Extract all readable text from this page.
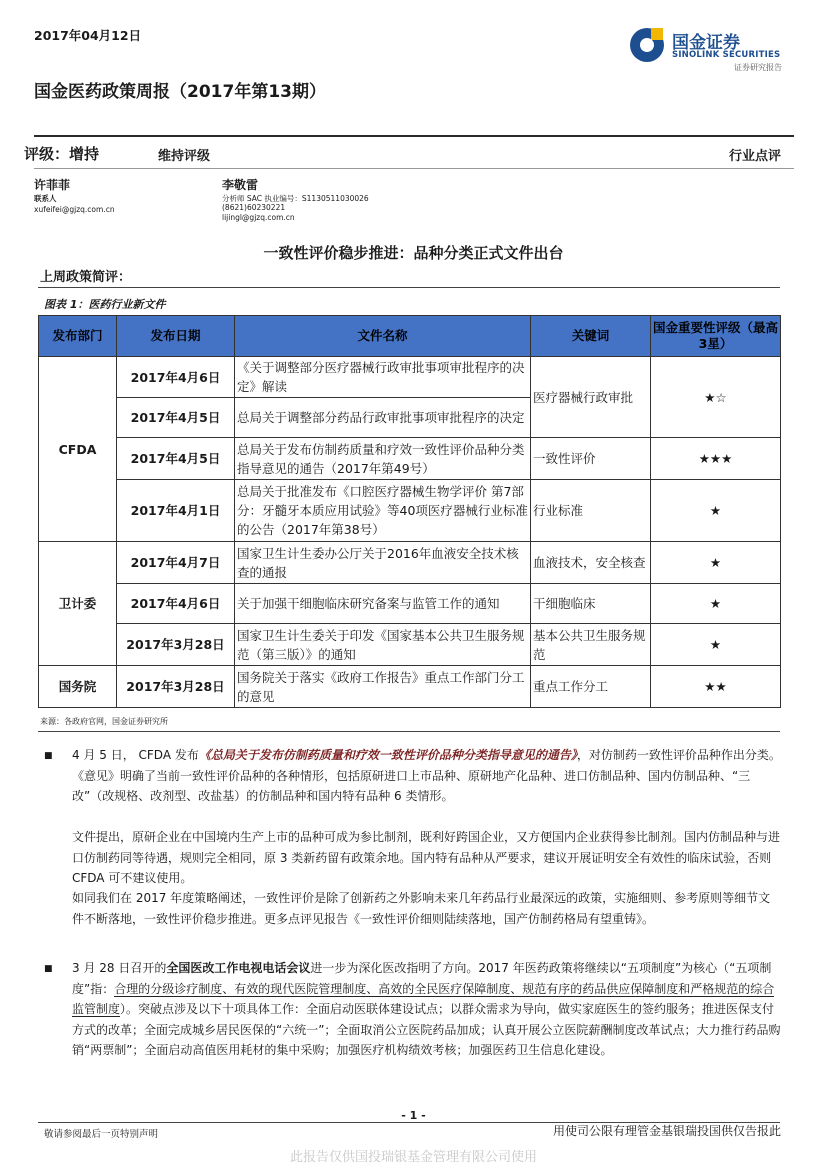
2017年04月12日	国金证券
SINOLINK SECURITIES
证券研究报告
国金医药政策周报（2017年第13期）
评级：增持	维持评级	行业点评
许菲菲
联系人
xufeifei@gjzq.com.cn
李敬雷
分析师 SAC 执业编号：S1130511030026
(8621)60230221
lijingl@gjzq.com.cn
一致性评价稳步推进：品种分类正式文件出台
上周政策简评：
图表 1：医药行业新文件
发布部门	发布日期	文件名称	关键词	国金重要性评级（最高3星）
CFDA	2017年4月6日	《关于调整部分医疗器械行政审批事项审批程序的决定》解读	医疗器械行政审批	★☆
	2017年4月5日	总局关于调整部分药品行政审批事项审批程序的决定		
	2017年4月5日	总局关于发布仿制药质量和疗效一致性评价品种分类指导意见的通告（2017年第49号）	一致性评价	★★★
	2017年4月1日	总局关于批准发布《口腔医疗器械生物学评价 第7部分：牙髓牙本质应用试验》等40项医疗器械行业标准的公告（2017年第38号）	行业标准	★
卫计委	2017年4月7日	国家卫生计生委办公厅关于2016年血液安全技术核查的通报	血液技术，安全核查	★
	2017年4月6日	关于加强干细胞临床研究备案与监管工作的通知	干细胞临床	★
	2017年3月28日	国家卫生计生委关于印发《国家基本公共卫生服务规范（第三版）》的通知	基本公共卫生服务规范	★
国务院	2017年3月28日	国务院关于落实《政府工作报告》重点工作部门分工的意见	重点工作分工	★★
来源：各政府官网，国金证券研究所
■ 4 月 5 日， CFDA 发布《总局关于发布仿制药质量和疗效一致性评价品种分类指导意见的通告》，对仿制药一致性评价品种作出分类。《意见》明确了当前一致性评价品种的各种情形，包括原研进口上市品种、原研地产化品种、进口仿制品种、国内仿制品种、“三改”（改规格、改剂型、改盐基）的仿制品种和国内特有品种 6 类情形。
文件提出，原研企业在中国境内生产上市的品种可成为参比制剂，既利好跨国企业，又方便国内企业获得参比制剂。国内仿制品种与进口仿制药同等待遇，规则完全相同，原 3 类新药留有政策余地。国内特有品种从严要求，建议开展证明安全有效性的临床试验，否则 CFDA 可不建议使用。
如同我们在 2017 年度策略阐述，一致性评价是除了创新药之外影响未来几年药品行业最深远的政策，实施细则、参考原则等细节文件不断落地，一致性评价稳步推进。更多点评见报告《一致性评价细则陆续落地，国产仿制药格局有望重铸》。
■ 3 月 28 日召开的全国医改工作电视电话会议进一步为深化医改指明了方向。2017 年医药政策将继续以“五项制度”为核心（“五项制度”指：合理的分级诊疗制度、有效的现代医院管理制度、高效的全民医疗保障制度、规范有序的药品供应保障制度和严格规范的综合监管制度）。突破点涉及以下十项具体工作：全面启动医联体建设试点；以群众需求为导向，做实家庭医生的签约服务；推进医保支付方式的改革；全面完成城乡居民医保的“六统一”；全面取消公立医院药品加成；认真开展公立医院薪酬制度改革试点；大力推行药品购销“两票制”；全面启动高值医用耗材的集中采购；加强医疗机构绩效考核；加强医药卫生信息化建设。
- 1 -
敬请参阅最后一页特别声明	用使司公限有理管金基银瑞投国供仅告报此
此报告仅供国投瑞银基金管理有限公司使用
